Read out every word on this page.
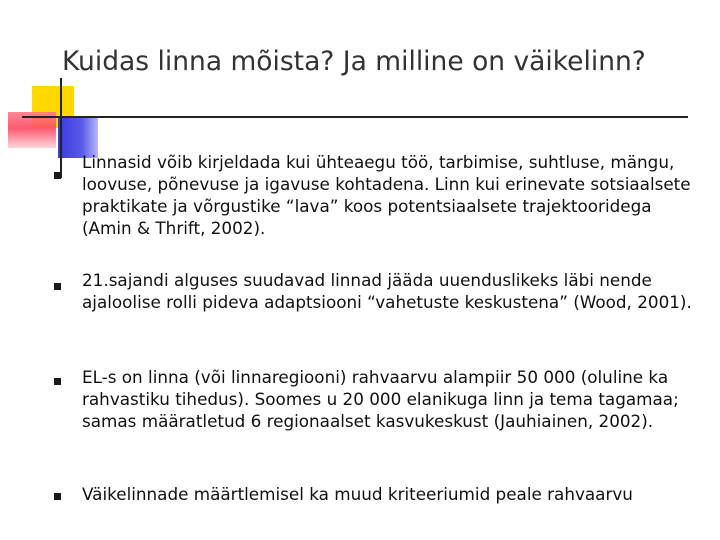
Kuidas linna mõista? Ja milline on väikelinn?

Linnasid võib kirjeldada kui ühteaegu töö, tarbimise, suhtluse, mängu, loovuse, põnevuse ja igavuse kohtadena. Linn kui erinevate sotsiaalsete praktikate ja võrgustike “lava” koos potentsiaalsete trajektooridega (Amin & Thrift, 2002).

21.sajandi alguses suudavad linnad jääda uuenduslikeks läbi nende ajaloolise rolli pideva adaptsiooni “vahetuste keskustena” (Wood, 2001).

EL-s on linna (või linnaregiooni) rahvaarvu alampiir 50 000 (oluline ka rahvastiku tihedus). Soomes u 20 000 elanikuga linn ja tema tagamaa; samas määratletud 6 regionaalset kasvukeskust (Jauhiainen, 2002).

Väikelinnade määrtlemisel ka muud kriteeriumid peale rahvaarvu
